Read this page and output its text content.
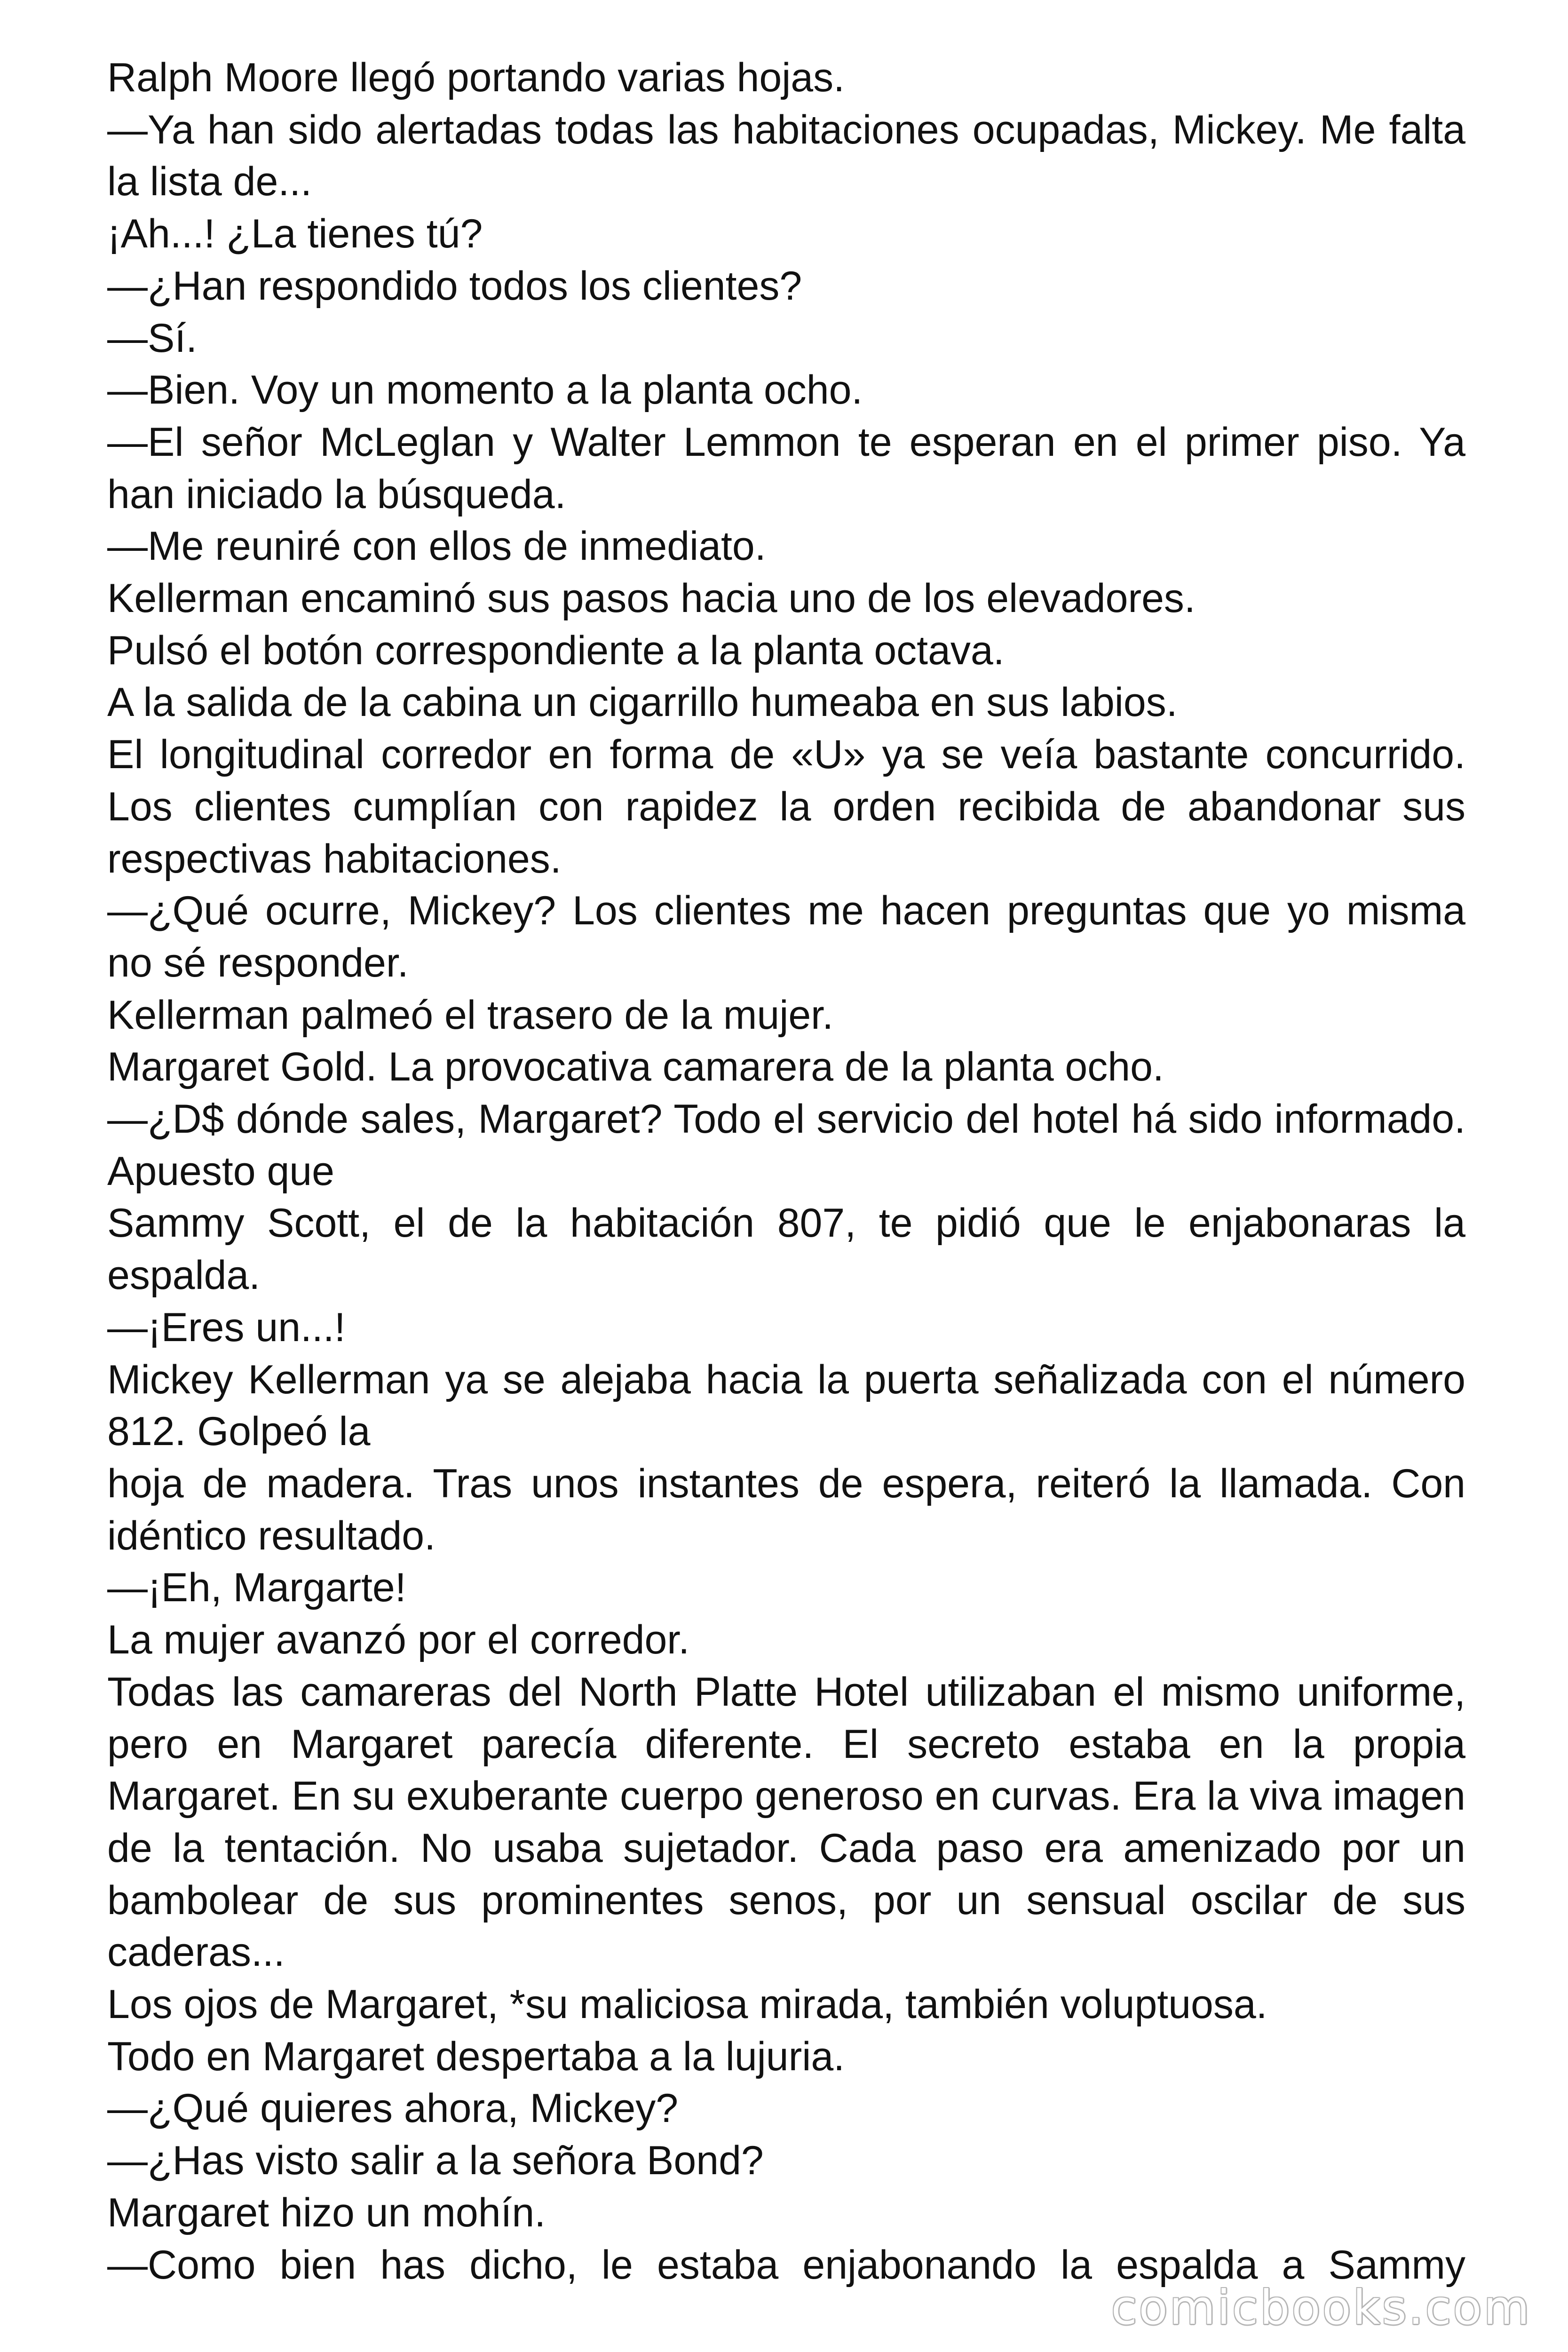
Ralph Moore llegó portando varias hojas.

—Ya han sido alertadas todas las habitaciones ocupadas, Mickey. Me falta la lista de...

¡Ah...! ¿La tienes tú?

—¿Han respondido todos los clientes?

—Sí.

—Bien. Voy un momento a la planta ocho.

—El señor McLeglan y Walter Lemmon te esperan en el primer piso. Ya han iniciado la búsqueda.

—Me reuniré con ellos de inmediato.

Kellerman encaminó sus pasos hacia uno de los elevadores.

Pulsó el botón correspondiente a la planta octava.

A la salida de la cabina un cigarrillo humeaba en sus labios.

El longitudinal corredor en forma de «U» ya se veía bastante concurrido. Los clientes cumplían con rapidez la orden recibida de abandonar sus respectivas habitaciones.

—¿Qué ocurre, Mickey? Los clientes me hacen preguntas que yo misma no sé responder.

Kellerman palmeó el trasero de la mujer.

Margaret Gold. La provocativa camarera de la planta ocho.

—¿D$ dónde sales, Margaret? Todo el servicio del hotel há sido informado. Apuesto que

Sammy Scott, el de la habitación 807, te pidió que le enjabonaras la espalda.

—¡Eres un...!

Mickey Kellerman ya se alejaba hacia la puerta señalizada con el número 812. Golpeó la

hoja de madera. Tras unos instantes de espera, reiteró la llamada. Con idéntico resultado.

—¡Eh, Margarte!

La mujer avanzó por el corredor.

Todas las camareras del North Platte Hotel utilizaban el mismo uniforme, pero en Margaret parecía diferente. El secreto estaba en la propia Margaret. En su exuberante cuerpo generoso en curvas. Era la viva imagen de la tentación. No usaba sujetador. Cada paso era amenizado por un bambolear de sus prominentes senos, por un sensual oscilar de sus caderas...

Los ojos de Margaret, *su maliciosa mirada, también voluptuosa.

Todo en Margaret despertaba a la lujuria.

—¿Qué quieres ahora, Mickey?

—¿Has visto salir a la señora Bond?

Margaret hizo un mohín.

—Como bien has dicho, le estaba enjabonando la espalda a Sammy

comicbooks.com
